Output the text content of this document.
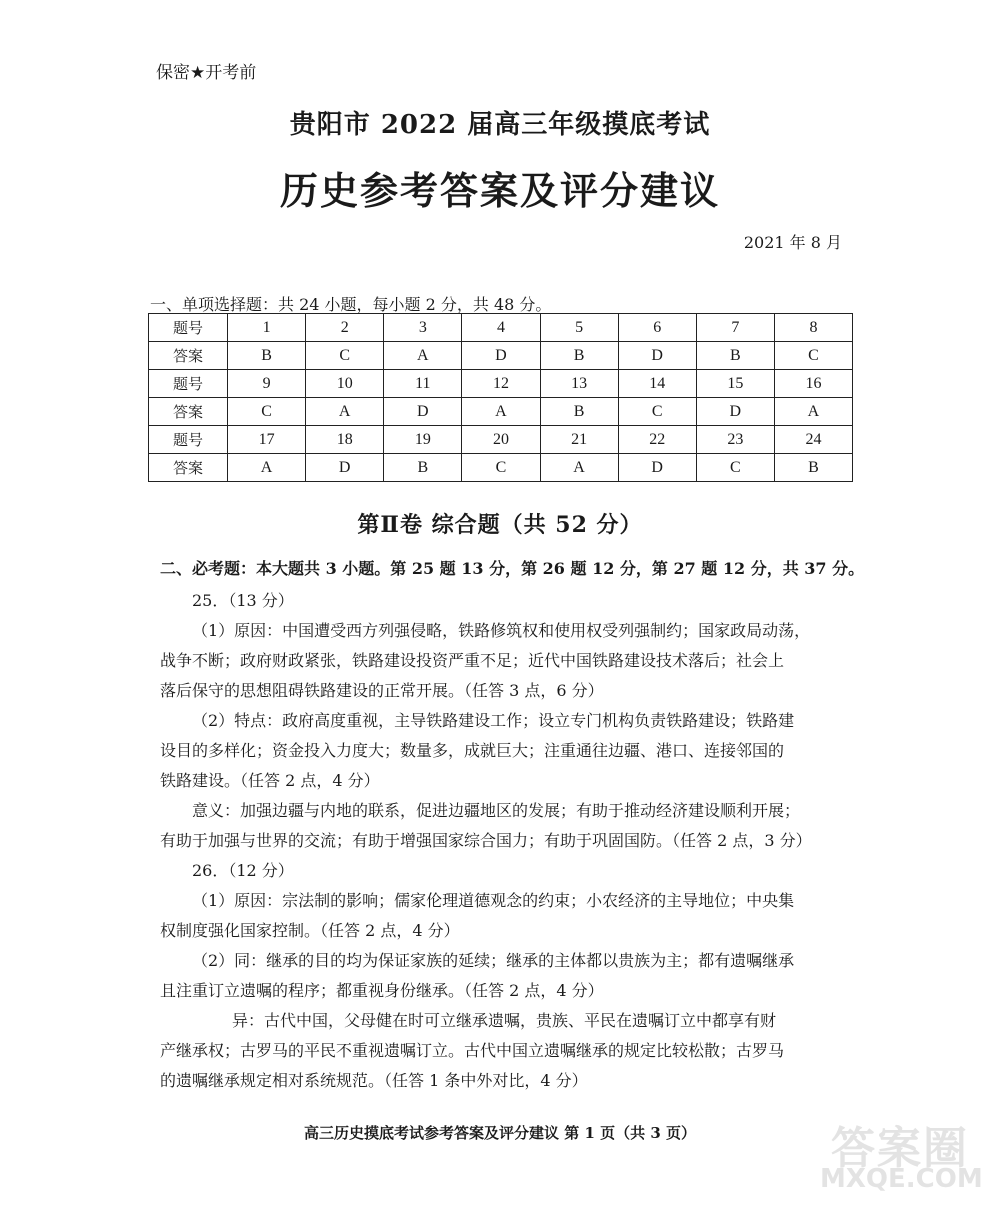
保密★开考前
贵阳市 2022 届高三年级摸底考试
历史参考答案及评分建议
2021 年 8 月
一、单项选择题：共 24 小题，每小题 2 分，共 48 分。
题号	1	2	3	4	5	6	7	8
答案	B	C	A	D	B	D	B	C
题号	9	10	11	12	13	14	15	16
答案	C	A	D	A	B	C	D	A
题号	17	18	19	20	21	22	23	24
答案	A	D	B	C	A	D	C	B
第Ⅱ卷 综合题（共 52 分）
二、必考题：本大题共 3 小题。第 25 题 13 分，第 26 题 12 分，第 27 题 12 分，共 37 分。
25．（13 分）
（1）原因：中国遭受西方列强侵略，铁路修筑权和使用权受列强制约；国家政局动荡，
战争不断；政府财政紧张，铁路建设投资严重不足；近代中国铁路建设技术落后；社会上
落后保守的思想阻碍铁路建设的正常开展。（任答 3 点，6 分）
（2）特点：政府高度重视，主导铁路建设工作；设立专门机构负责铁路建设；铁路建
设目的多样化；资金投入力度大；数量多，成就巨大；注重通往边疆、港口、连接邻国的
铁路建设。（任答 2 点，4 分）
意义：加强边疆与内地的联系，促进边疆地区的发展；有助于推动经济建设顺利开展；
有助于加强与世界的交流；有助于增强国家综合国力；有助于巩固国防。（任答 2 点，3 分）
26．（12 分）
（1）原因：宗法制的影响；儒家伦理道德观念的约束；小农经济的主导地位；中央集
权制度强化国家控制。（任答 2 点，4 分）
（2）同：继承的目的均为保证家族的延续；继承的主体都以贵族为主；都有遗嘱继承
且注重订立遗嘱的程序；都重视身份继承。（任答 2 点，4 分）
异：古代中国，父母健在时可立继承遗嘱，贵族、平民在遗嘱订立中都享有财
产继承权；古罗马的平民不重视遗嘱订立。古代中国立遗嘱继承的规定比较松散；古罗马
的遗嘱继承规定相对系统规范。（任答 1 条中外对比，4 分）
高三历史摸底考试参考答案及评分建议 第 1 页（共 3 页）	答案圈
MXQE.COM
